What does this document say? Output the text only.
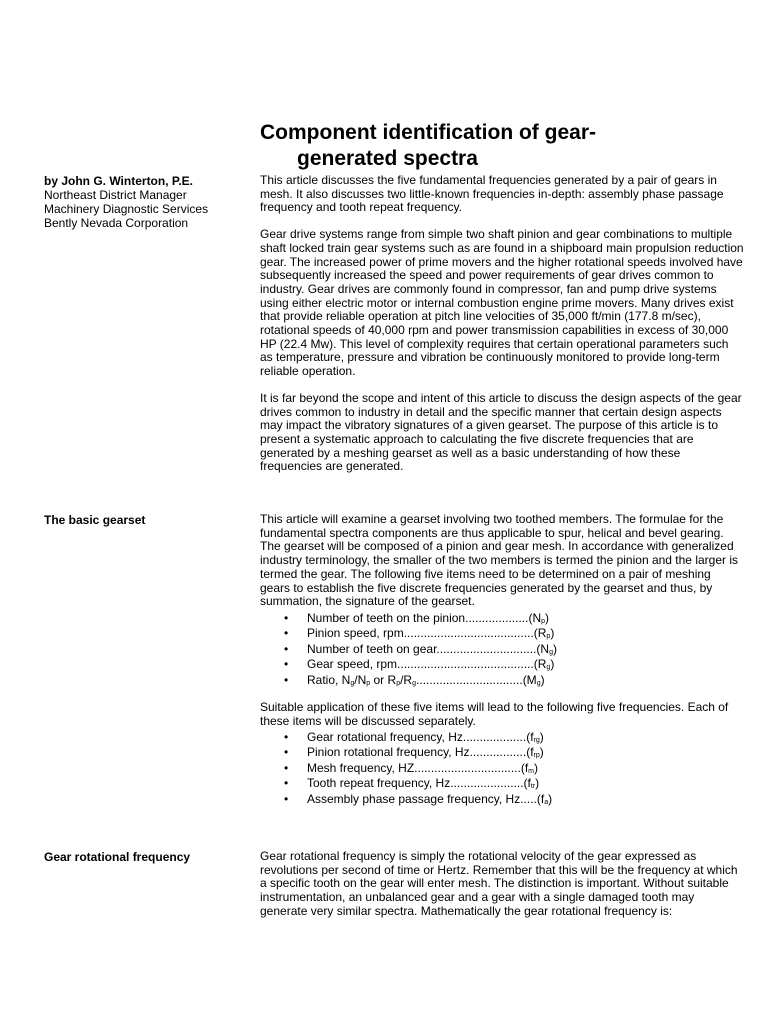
Component identification of gear-
generated spectra
by John G. Winterton, P.E.
Northeast District Manager
Machinery Diagnostic Services
Bently Nevada Corporation

This article discusses the five fundamental frequencies generated by a pair of gears in mesh. It also discusses two little-known frequencies in-depth: assembly phase passage frequency and tooth repeat frequency.

Gear drive systems range from simple two shaft pinion and gear combinations to multiple shaft locked train gear systems such as are found in a shipboard main propulsion reduction gear. The increased power of prime movers and the higher rotational speeds involved have subsequently increased the speed and power requirements of gear drives common to industry. Gear drives are commonly found in compressor, fan and pump drive systems using either electric motor or internal combustion engine prime movers. Many drives exist that provide reliable operation at pitch line velocities of 35,000 ft/min (177.8 m/sec), rotational speeds of 40,000 rpm and power transmission capabilities in excess of 30,000 HP (22.4 Mw). This level of complexity requires that certain operational parameters such as temperature, pressure and vibration be continuously monitored to provide long-term reliable operation.

It is far beyond the scope and intent of this article to discuss the design aspects of the gear drives common to industry in detail and the specific manner that certain design aspects may impact the vibratory signatures of a given gearset. The purpose of this article is to present a systematic approach to calculating the five discrete frequencies that are generated by a meshing gearset as well as a basic understanding of how these frequencies are generated.

The basic gearset	This article will examine a gearset involving two toothed members. The formulae for the fundamental spectra components are thus applicable to spur, helical and bevel gearing. The gearset will be composed of a pinion and gear mesh. In accordance with generalized industry terminology, the smaller of the two members is termed the pinion and the larger is termed the gear. The following five items need to be determined on a pair of meshing gears to establish the five discrete frequencies generated by the gearset and thus, by summation, the signature of the gearset.

• Number of teeth on the $pinion...................(N_p)$
• Pinion speed, $rpm.......................................(R_p)$
• Number of teeth on $gear..............................(N_g)$
• Gear speed, $rpm.........................................(R_g)$
• Ratio, $N_g/N_p$ or $R_p/R_g................................(M_g)$

Suitable application of these five items will lead to the following five frequencies. Each of these items will be discussed separately.

• Gear rotational frequency, $Hz...................(f_{rg})$
• Pinion rotational frequency, $Hz.................(f_{rp})$
• Mesh frequency, $HZ................................(f_m)$
• Tooth repeat frequency, $Hz......................(f_{tr})$
• Assembly phase passage frequency, $Hz.....(f_a)$
Gear rotational frequency	Gear rotational frequency is simply the rotational velocity of the gear expressed as revolutions per second of time or Hertz. Remember that this will be the frequency at which a specific tooth on the gear will enter mesh. The distinction is important. Without suitable instrumentation, an unbalanced gear and a gear with a single damaged tooth may generate very similar spectra. Mathematically the gear rotational frequency is:
